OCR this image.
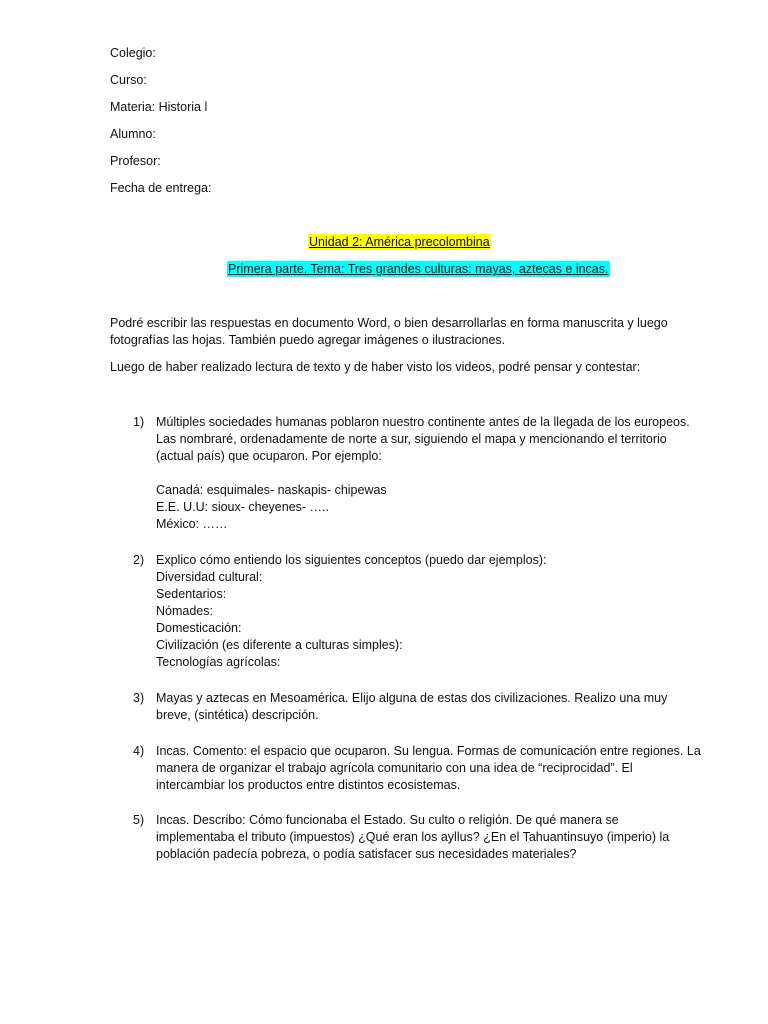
Colegio:
Curso:
Materia: Historia l
Alumno:
Profesor:
Fecha de entrega:
Unidad 2: América precolombina
Primera parte. Tema: Tres grandes culturas: mayas, aztecas e incas.
Podré escribir las respuestas en documento Word, o bien desarrollarlas en forma manuscrita y luego fotografías las hojas. También puedo agregar imágenes o ilustraciones.
Luego de haber realizado lectura de texto y de haber visto los videos, podré pensar y contestar:
1) Múltiples sociedades humanas poblaron nuestro continente antes de la llegada de los europeos.
Las nombraré, ordenadamente de norte a sur, siguiendo el mapa y mencionando el territorio
(actual país) que ocuparon. Por ejemplo:
Canadá: esquimales- naskapis- chipewas
E.E. U.U: sioux- cheyenes- …..
México: ……
2) Explico cómo entiendo los siguientes conceptos (puedo dar ejemplos):
Diversidad cultural:
Sedentarios:
Nómades:
Domesticación:
Civilización (es diferente a culturas simples):
Tecnologías agrícolas:
3) Mayas y aztecas en Mesoamérica. Elijo alguna de estas dos civilizaciones. Realizo una muy
breve, (sintética) descripción.
4) Incas. Comento: el espacio que ocuparon. Su lengua. Formas de comunicación entre regiones. La
manera de organizar el trabajo agrícola comunitario con una idea de “reciprocidad”. El
intercambiar los productos entre distintos ecosistemas.
5) Incas. Describo: Cómo funcionaba el Estado. Su culto o religión. De qué manera se
implementaba el tributo (impuestos) ¿Qué eran los ayllus? ¿En el Tahuantinsuyo (imperio) la
población padecía pobreza, o podía satisfacer sus necesidades materiales?
